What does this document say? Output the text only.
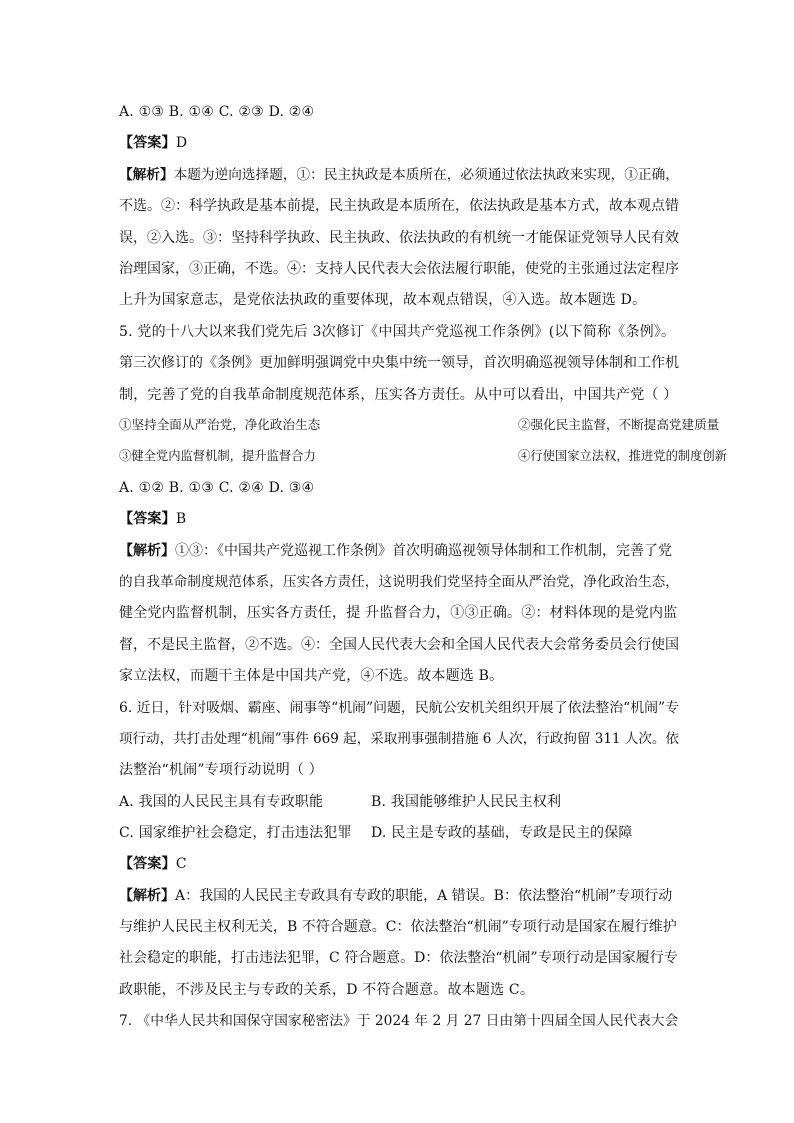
A. ①③ B. ①④ C. ②③ D. ②④
【答案】D
【解析】本题为逆向选择题，①：民主执政是本质所在，必须通过依法执政来实现，①正确，
不选。②：科学执政是基本前提，民主执政是本质所在，依法执政是基本方式，故本观点错
误，②入选。③：坚持科学执政、民主执政、依法执政的有机统一才能保证党领导人民有效
治理国家，③正确，不选。④：支持人民代表大会依法履行职能，使党的主张通过法定程序
上升为国家意志，是党依法执政的重要体现，故本观点错误，④入选。故本题选 D。
5. 党的十八大以来我们党先后 3次修订《中国共产党巡视工作条例》(以下简称《条例》。
第三次修订的《条例》更加鲜明强调党中央集中统一领导，首次明确巡视领导体制和工作机
制，完善了党的自我革命制度规范体系，压实各方责任。从中可以看出，中国共产党（ ）
①坚持全面从严治党，净化政治生态	②强化民主监督，不断提高党建质量
③健全党内监督机制，提升监督合力	④行使国家立法权，推进党的制度创新
A. ①② B. ①③ C. ②④ D. ③④
【答案】B
【解析】①③：《中国共产党巡视工作条例》首次明确巡视领导体制和工作机制，完善了党
的自我革命制度规范体系，压实各方责任，这说明我们党坚持全面从严治党，净化政治生态，
健全党内监督机制，压实各方责任，提 升监督合力，①③正确。②：材料体现的是党内监
督，不是民主监督，②不选。④：全国人民代表大会和全国人民代表大会常务委员会行使国
家立法权，而题干主体是中国共产党，④不选。故本题选 B。
6. 近日，针对吸烟、霸座、闹事等“机闹”问题，民航公安机关组织开展了依法整治“机闹”专
项行动，共打击处理“机闹”事件 669 起，采取刑事强制措施 6 人次，行政拘留 311 人次。依
法整治“机闹”专项行动说明（ ）
A. 我国的人民民主具有专政职能	B. 我国能够维护人民民主权利
C. 国家维护社会稳定，打击违法犯罪 D. 民主是专政的基础，专政是民主的保障
【答案】C
【解析】A：我国的人民民主专政具有专政的职能，A 错误。B：依法整治“机闹”专项行动
与维护人民民主权利无关，B 不符合题意。C：依法整治“机闹”专项行动是国家在履行维护
社会稳定的职能，打击违法犯罪，C 符合题意。D：依法整治“机闹”专项行动是国家履行专
政职能，不涉及民主与专政的关系，D 不符合题意。故本题选 C。
7. 《中华人民共和国保守国家秘密法》于 2024 年 2 月 27 日由第十四届全国人民代表大会
